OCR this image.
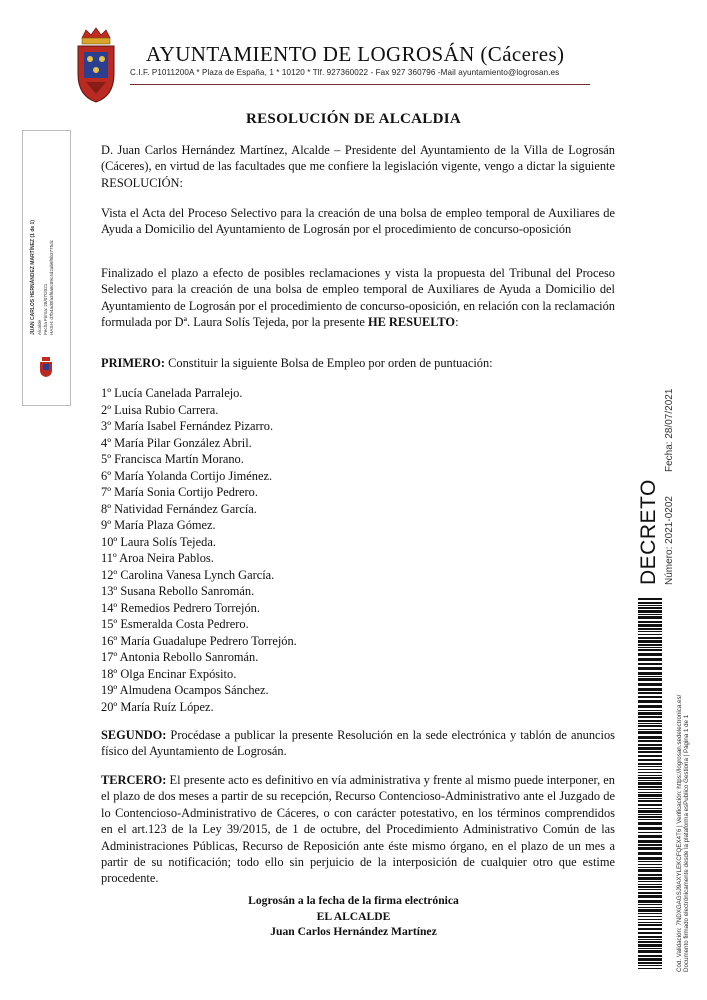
AYUNTAMIENTO DE LOGROSÁN (Cáceres)
C.I.F. P1011200A * Plaza de España, 1 * 10120 * Tlf. 927360022 - Fax 927 360796 -Mail ayuntamiento@logrosan.es
RESOLUCIÓN DE ALCALDIA
D. Juan Carlos Hernández Martínez, Alcalde – Presidente del Ayuntamiento de la Villa de Logrosán (Cáceres), en virtud de las facultades que me confiere la legislación vigente, vengo a dictar la siguiente RESOLUCIÓN:
Vista el Acta del Proceso Selectivo para la creación de una bolsa de empleo temporal de Auxiliares de Ayuda a Domicilio del Ayuntamiento de Logrosán por el procedimiento de concurso-oposición
Finalizado el plazo a efecto de posibles reclamaciones y vista la propuesta del Tribunal del Proceso Selectivo para la creación de una bolsa de empleo temporal de Auxiliares de Ayuda a Domicilio del Ayuntamiento de Logrosán por el procedimiento de concurso-oposición, en relación con la reclamación formulada por Dª. Laura Solís Tejeda, por la presente HE RESUELTO:
PRIMERO: Constituir la siguiente Bolsa de Empleo por orden de puntuación:
1º Lucía Canelada Parralejo.
2º Luisa Rubio Carrera.
3º María Isabel Fernández Pizarro.
4º María Pilar González Abril.
5º Francisca Martín Morano.
6º María Yolanda Cortijo Jiménez.
7º María Sonia Cortijo Pedrero.
8º Natividad Fernández García.
9º María Plaza Gómez.
10º Laura Solís Tejeda.
11º Aroa Neira Pablos.
12º Carolina Vanesa Lynch García.
13º Susana Rebollo Sanromán.
14º Remedios Pedrero Torrejón.
15º Esmeralda Costa Pedrero.
16º María Guadalupe Pedrero Torrejón.
17º Antonia Rebollo Sanromán.
18º Olga Encinar Expósito.
19º Almudena Ocampos Sánchez.
20º María Ruíz López.
SEGUNDO: Procédase a publicar la presente Resolución en la sede electrónica y tablón de anuncios físico del Ayuntamiento de Logrosán.
TERCERO: El presente acto es definitivo en vía administrativa y frente al mismo puede interponer, en el plazo de dos meses a partir de su recepción, Recurso Contencioso-Administrativo ante el Juzgado de lo Contencioso-Administrativo de Cáceres, o con carácter potestativo, en los términos comprendidos en el art.123 de la Ley 39/2015, de 1 de octubre, del Procedimiento Administrativo Común de las Administraciones Públicas, Recurso de Reposición ante éste mismo órgano, en el plazo de un mes a partir de su notificación; todo ello sin perjuicio de la interposición de cualquier otro que estime procedente.
Logrosán a la fecha de la firma electrónica
EL ALCALDE
Juan Carlos Hernández Martínez
JUAN CARLOS HERNÁNDEZ MARTÍNEZ (1 de 1) Alcalde Fecha Firma: 28/07/2021 HASH: d7b4ad0fa3f6a8c89c4d2ab6f5b3775dc
DECRETO Número: 2021-0202
Fecha: 28/07/2021
Cód. Validación: 7NDXGAGSJ9AXYLEKCFQEX4T6 | Verificación: https://logrosan.sedelectronica.es/ Documento firmado electrónicamente desde la plataforma esPublico Gestiona | Página 1 de 1
